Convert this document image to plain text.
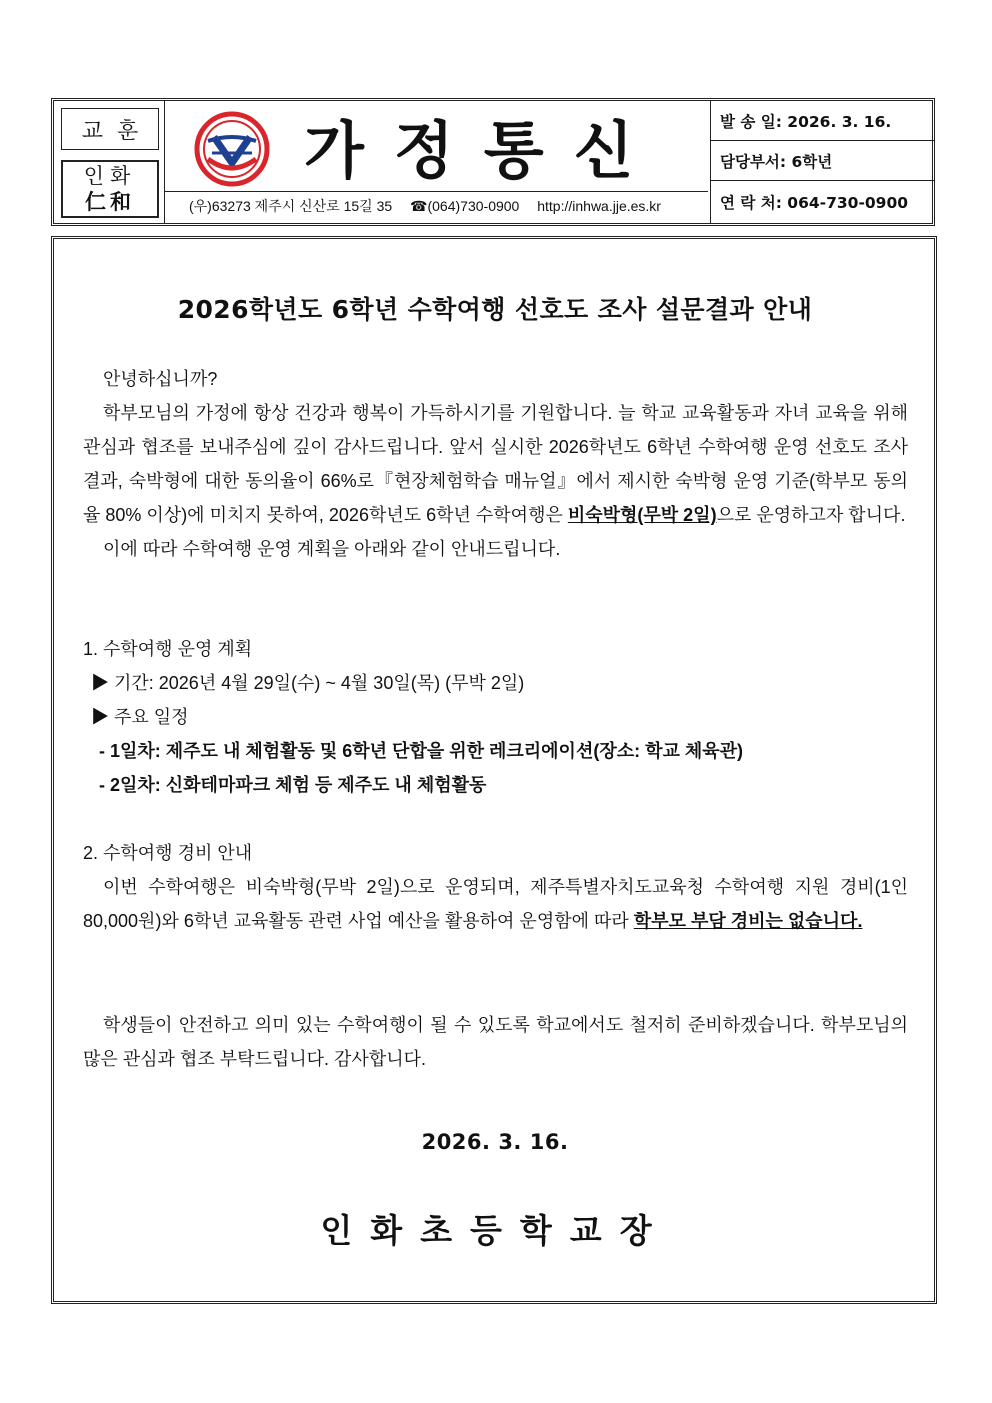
교훈
인화
仁和
가정통신
(우)63273 제주시 신산로 15길 35 ☎(064)730-0900 http://inhwa.jje.es.kr
발 송 일: 2026. 3. 16.
담당부서: 6학년
연 락 처: 064-730-0900
2026학년도 6학년 수학여행 선호도 조사 설문결과 안내

안녕하십니까?

학부모님의 가정에 항상 건강과 행복이 가득하시기를 기원합니다. 늘 학교 교육활동과 자녀 교육을 위해 관심과 협조를 보내주심에 깊이 감사드립니다. 앞서 실시한 2026학년도 6학년 수학여행 운영 선호도 조사 결과, 숙박형에 대한 동의율이 66%로『현장체험학습 매뉴얼』에서 제시한 숙박형 운영 기준(학부모 동의율 80% 이상)에 미치지 못하여, 2026학년도 6학년 수학여행은 비숙박형(무박 2일)으로 운영하고자 합니다.

이에 따라 수학여행 운영 계획을 아래와 같이 안내드립니다.

1. 수학여행 운영 계획

▶ 기간: 2026년 4월 29일(수) ~ 4월 30일(목) (무박 2일)

▶ 주요 일정

- 1일차: 제주도 내 체험활동 및 6학년 단합을 위한 레크리에이션(장소: 학교 체육관)

- 2일차: 신화테마파크 체험 등 제주도 내 체험활동

2. 수학여행 경비 안내

이번 수학여행은 비숙박형(무박 2일)으로 운영되며, 제주특별자치도교육청 수학여행 지원 경비(1인 80,000원)와 6학년 교육활동 관련 사업 예산을 활용하여 운영함에 따라 학부모 부담 경비는 없습니다.

학생들이 안전하고 의미 있는 수학여행이 될 수 있도록 학교에서도 철저히 준비하겠습니다. 학부모님의 많은 관심과 협조 부탁드립니다. 감사합니다.

2026. 3. 16.
인화초등학교장
